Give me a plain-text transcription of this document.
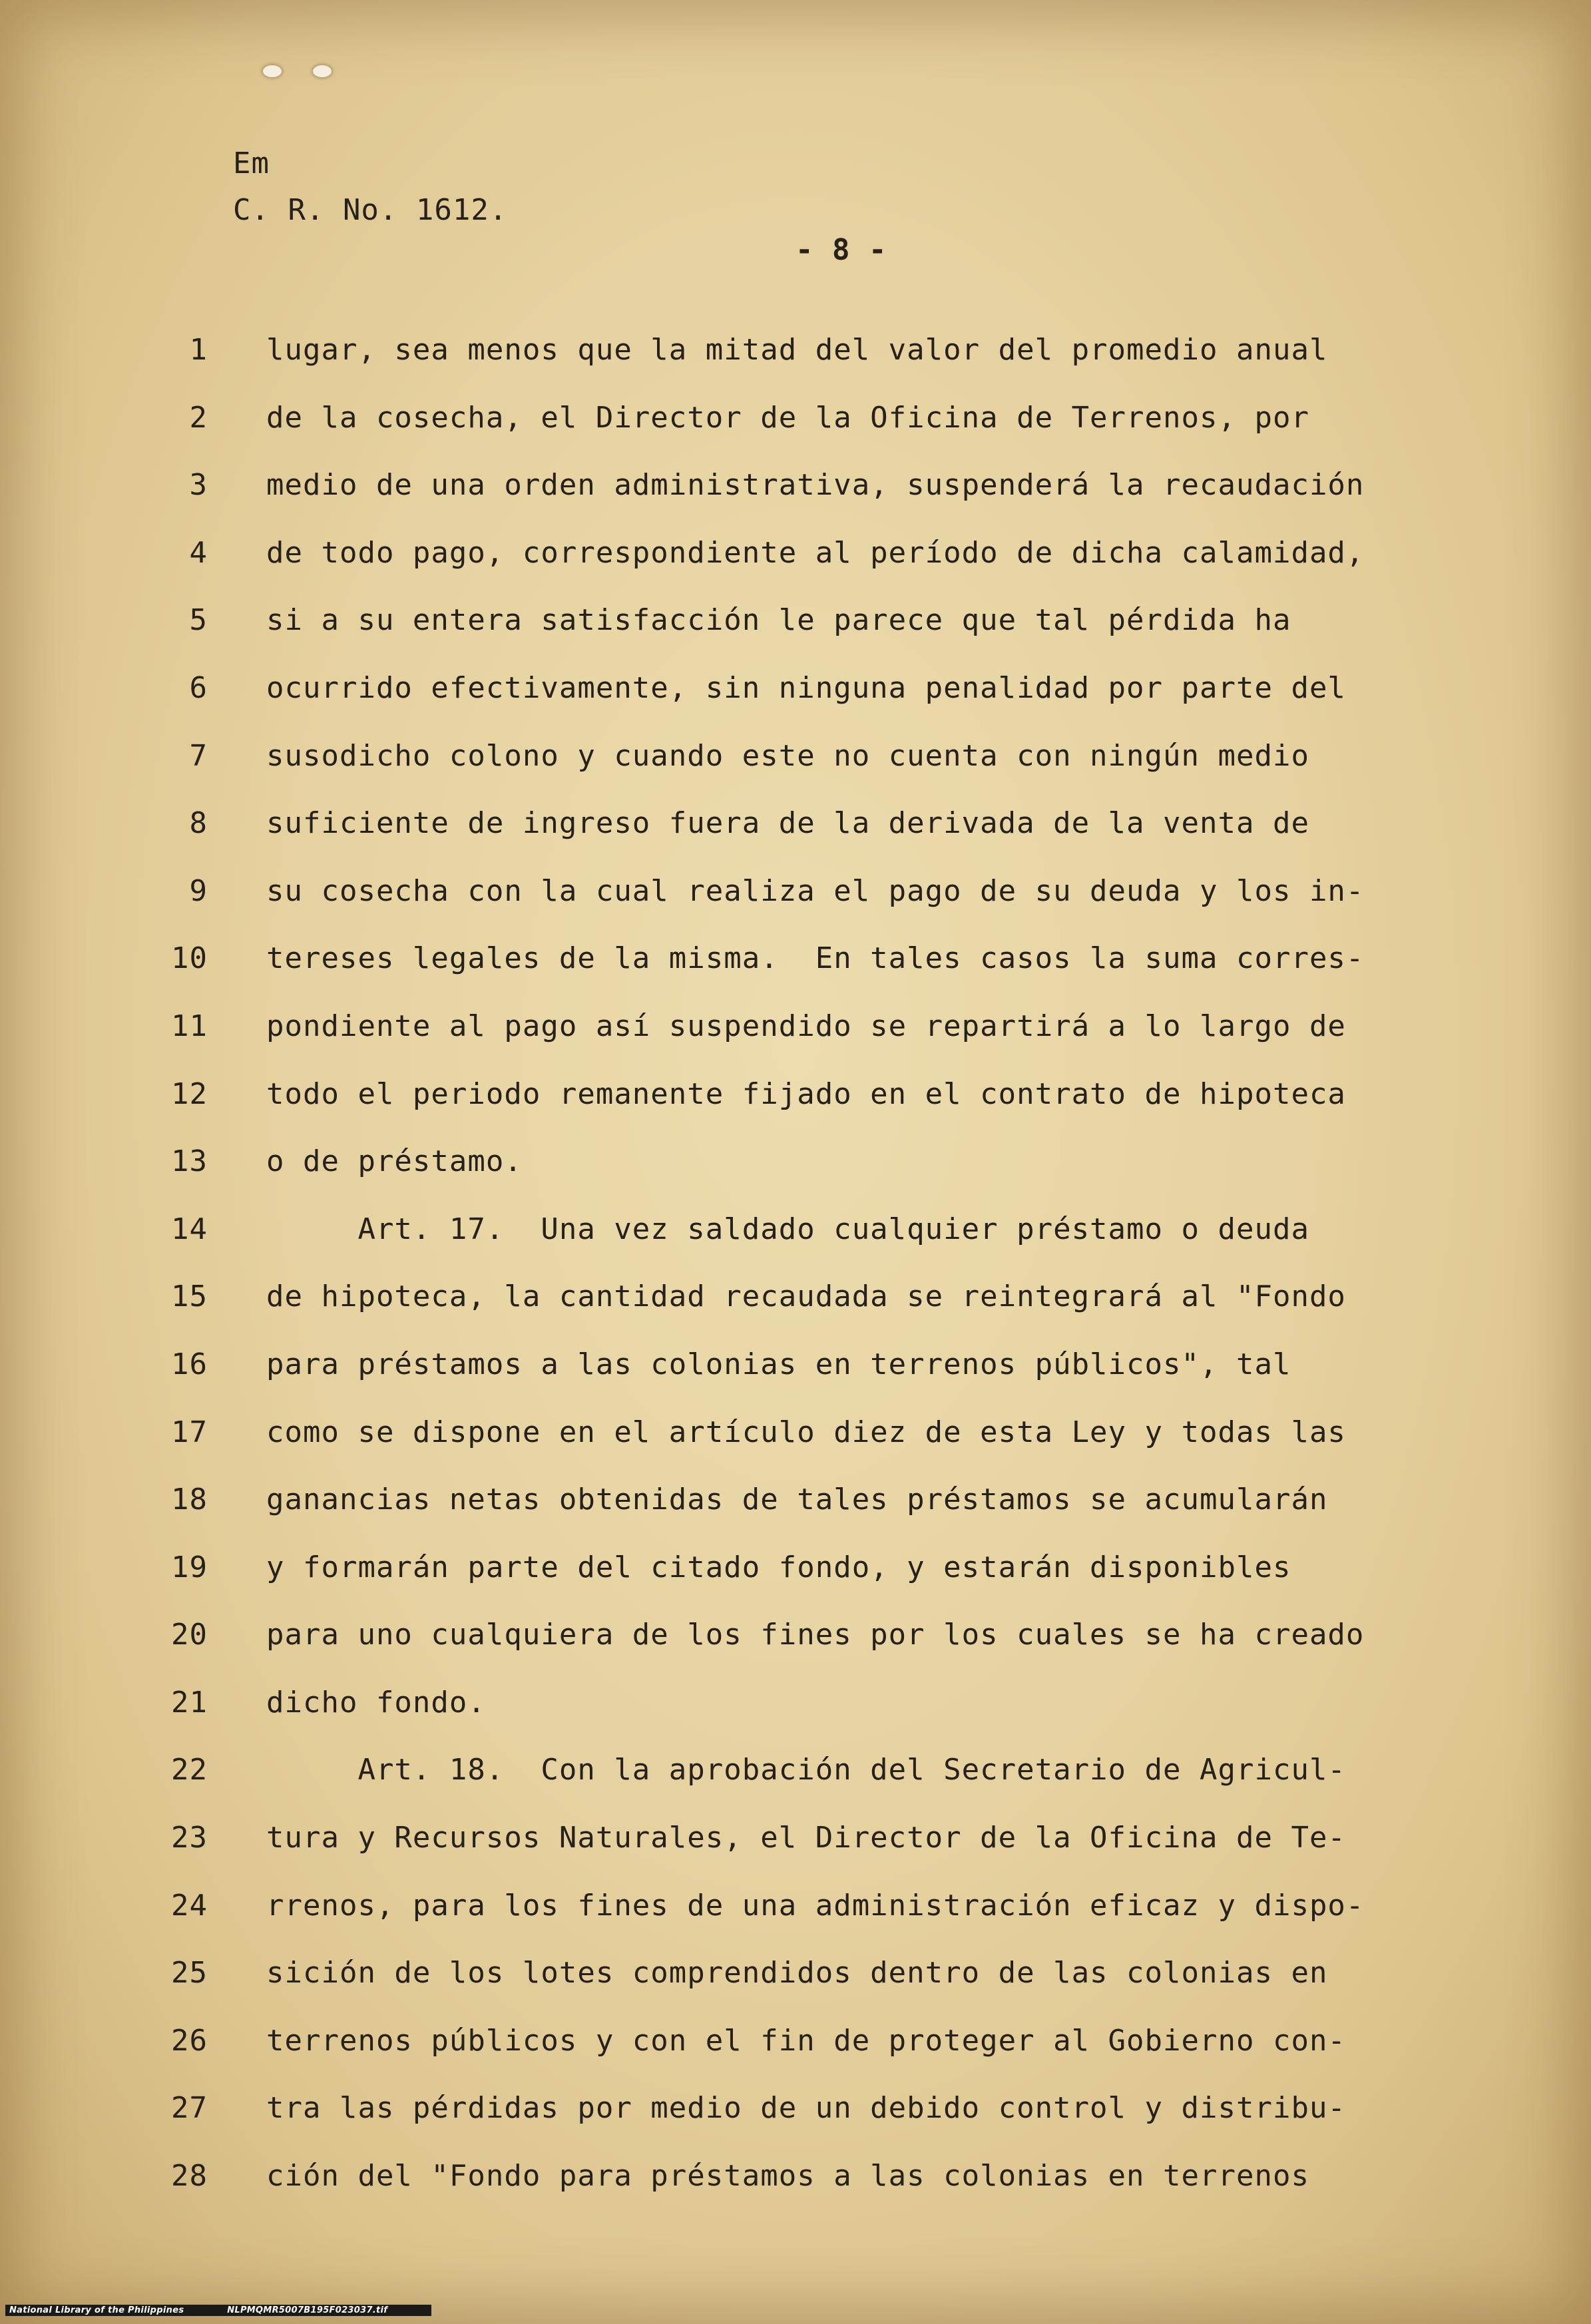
Em
C. R. No. 1612.
- 8 -
1 lugar, sea menos que la mitad del valor del promedio anual
2 de la cosecha, el Director de la Oficina de Terrenos, por
3 medio de una orden administrativa, suspenderá la recaudación
4 de todo pago, correspondiente al período de dicha calamidad,
5 si a su entera satisfacción le parece que tal pérdida ha
6 ocurrido efectivamente, sin ninguna penalidad por parte del
7 susodicho colono y cuando este no cuenta con ningún medio
8 suficiente de ingreso fuera de la derivada de la venta de
9 su cosecha con la cual realiza el pago de su deuda y los in-
10 tereses legales de la misma.  En tales casos la suma corres-
11 pondiente al pago así suspendido se repartirá a lo largo de
12 todo el periodo remanente fijado en el contrato de hipoteca
13 o de préstamo.
14 Art. 17.  Una vez saldado cualquier préstamo o deuda
15 de hipoteca, la cantidad recaudada se reintegrará al "Fondo
16 para préstamos a las colonias en terrenos públicos", tal
17 como se dispone en el artículo diez de esta Ley y todas las
18 ganancias netas obtenidas de tales préstamos se acumularán
19 y formarán parte del citado fondo, y estarán disponibles
20 para uno cualquiera de los fines por los cuales se ha creado
21 dicho fondo.
22 Art. 18.  Con la aprobación del Secretario de Agricul-
23 tura y Recursos Naturales, el Director de la Oficina de Te-
24 rrenos, para los fines de una administración eficaz y dispo-
25 sición de los lotes comprendidos dentro de las colonias en
26 terrenos públicos y con el fin de proteger al Gobierno con-
27 tra las pérdidas por medio de un debido control y distribu-
28 ción del "Fondo para préstamos a las colonias en terrenos
National Library of the Philippines	NLPMQMR5007B195F023037.tif
